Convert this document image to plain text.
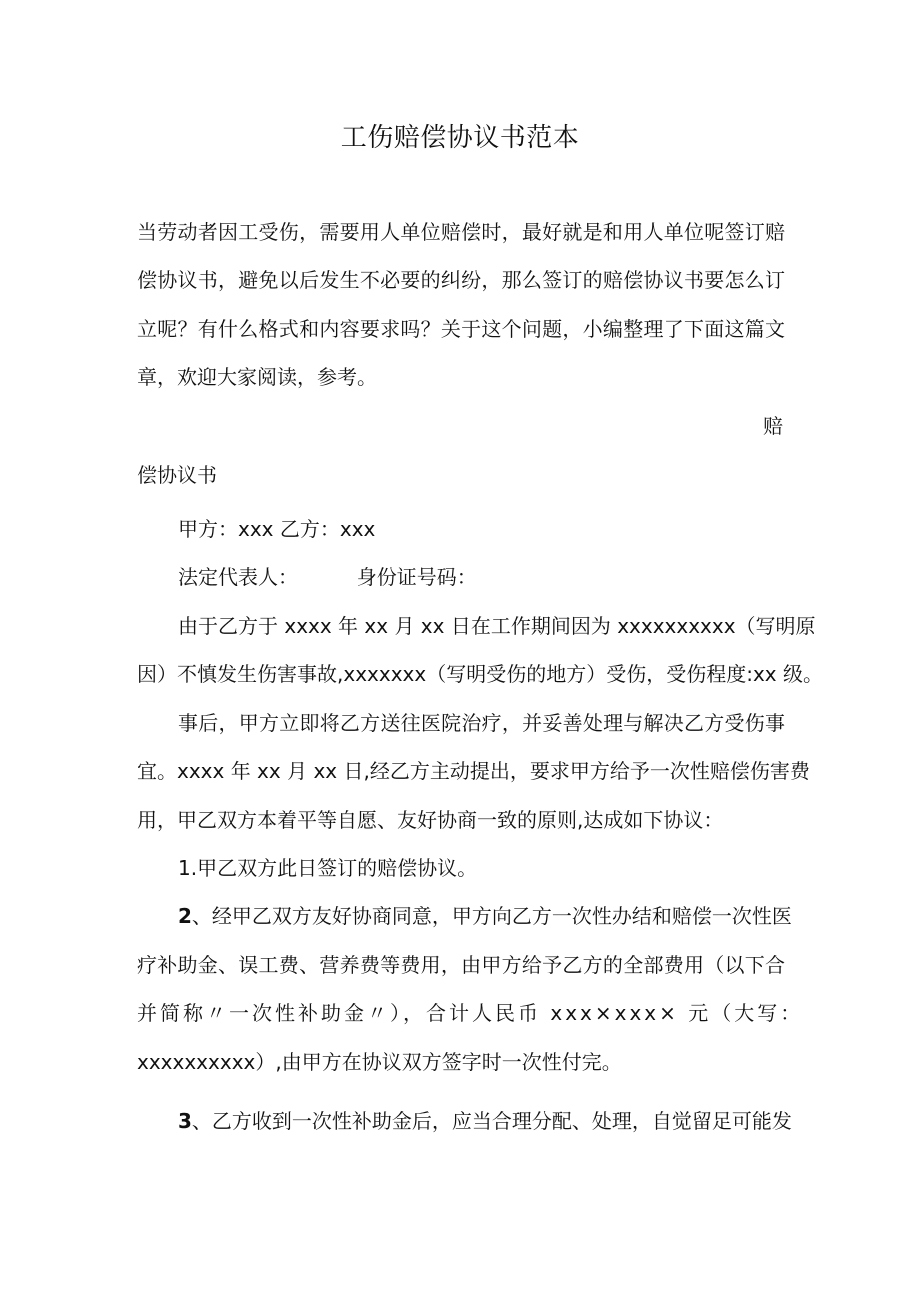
工伤赔偿协议书范本
当劳动者因工受伤，需要用人单位赔偿时，最好就是和用人单位呢签订赔
偿协议书，避免以后发生不必要的纠纷，那么签订的赔偿协议书要怎么订
立呢？有什么格式和内容要求吗？关于这个问题，小编整理了下面这篇文
章，欢迎大家阅读，参考。
赔
偿协议书
甲方：xxx 乙方：xxx
法定代表人：	身份证号码：
由于乙方于 xxxx 年 xx 月 xx 日在工作期间因为 xxxxxxxxxx（写明原
因）不慎发生伤害事故,xxxxxxx（写明受伤的地方）受伤，受伤程度:xx 级。
事后，甲方立即将乙方送往医院治疗，并妥善处理与解决乙方受伤事
宜。xxxx 年 xx 月 xx 日,经乙方主动提出，要求甲方给予一次性赔偿伤害费
用，甲乙双方本着平等自愿、友好协商一致的原则,达成如下协议：
1.甲乙双方此日签订的赔偿协议。
2、经甲乙双方友好协商同意，甲方向乙方一次性办结和赔偿一次性医
疗补助金、误工费、营养费等费用，由甲方给予乙方的全部费用（以下合
并简称〃一次性补助金〃），合计人民币 xxx×xxx× 元（大写：
xxxxxxxxxx）,由甲方在协议双方签字时一次性付完。
3、乙方收到一次性补助金后，应当合理分配、处理，自觉留足可能发
